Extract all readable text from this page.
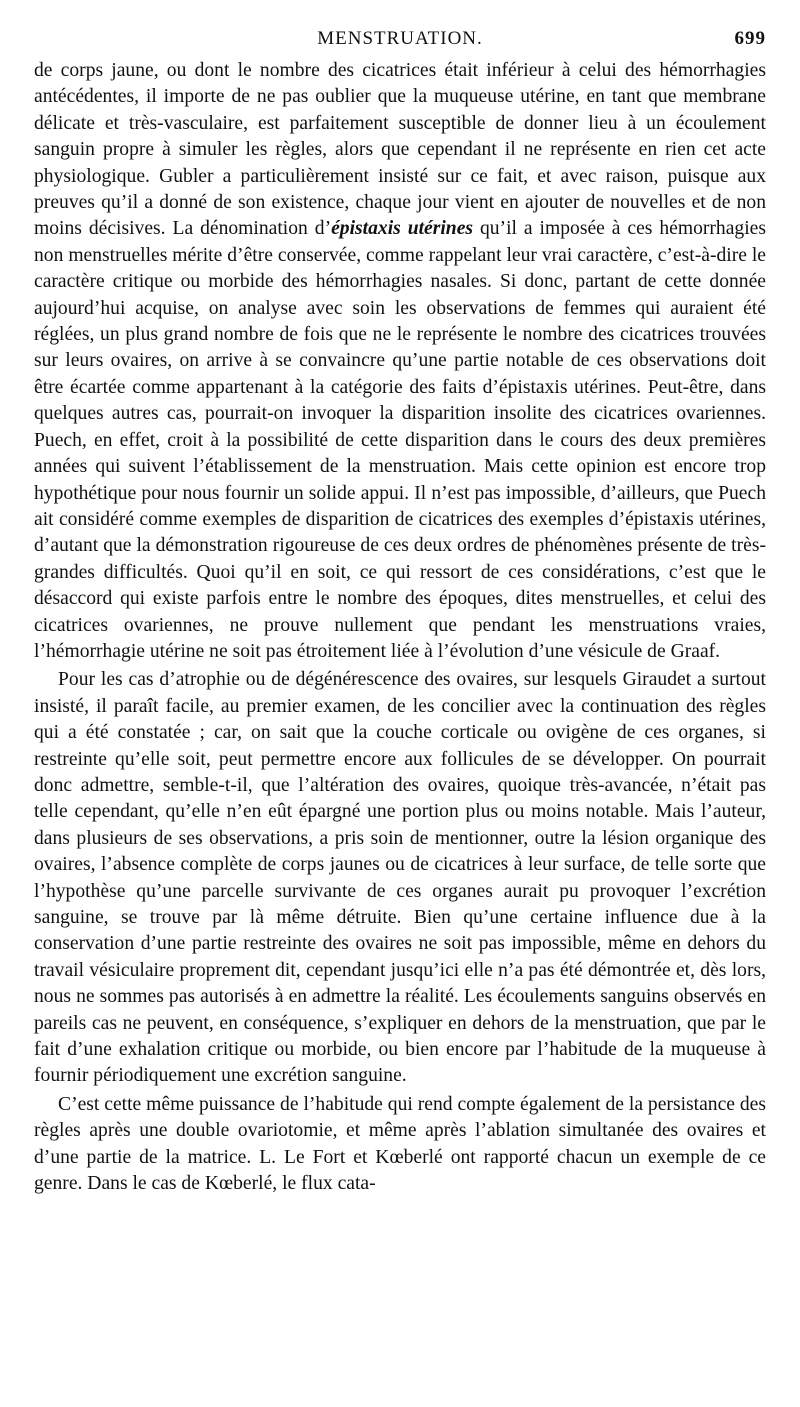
MENSTRUATION.	699

de corps jaune, ou dont le nombre des cicatrices était inférieur à celui des hémorrhagies antécédentes, il importe de ne pas oublier que la muqueuse utérine, en tant que membrane délicate et très-vasculaire, est parfaitement susceptible de donner lieu à un écoulement sanguin propre à simuler les règles, alors que cependant il ne représente en rien cet acte physiologique. Gubler a particulièrement insisté sur ce fait, et avec raison, puisque aux preuves qu’il a donné de son existence, chaque jour vient en ajouter de nouvelles et de non moins décisives. La dénomination d’épistaxis utérines qu’il a imposée à ces hémorrhagies non menstruelles mérite d’être conservée, comme rappelant leur vrai caractère, c’est-à-dire le caractère critique ou morbide des hémorrhagies nasales. Si donc, partant de cette donnée aujourd’hui acquise, on analyse avec soin les observations de femmes qui auraient été réglées, un plus grand nombre de fois que ne le représente le nombre des cicatrices trouvées sur leurs ovaires, on arrive à se convaincre qu’une partie notable de ces observations doit être écartée comme appartenant à la catégorie des faits d’épistaxis utérines. Peut-être, dans quelques autres cas, pourrait-on invoquer la disparition insolite des cicatrices ovariennes. Puech, en effet, croit à la possibilité de cette disparition dans le cours des deux premières années qui suivent l’établissement de la menstruation. Mais cette opinion est encore trop hypothétique pour nous fournir un solide appui. Il n’est pas impossible, d’ailleurs, que Puech ait considéré comme exemples de disparition de cicatrices des exemples d’épistaxis utérines, d’autant que la démonstration rigoureuse de ces deux ordres de phénomènes présente de très-grandes difficultés. Quoi qu’il en soit, ce qui ressort de ces considérations, c’est que le désaccord qui existe parfois entre le nombre des époques, dites menstruelles, et celui des cicatrices ovariennes, ne prouve nullement que pendant les menstruations vraies, l’hémorrhagie utérine ne soit pas étroitement liée à l’évolution d’une vésicule de Graaf.

Pour les cas d’atrophie ou de dégénérescence des ovaires, sur lesquels Giraudet a surtout insisté, il paraît facile, au premier examen, de les concilier avec la continuation des règles qui a été constatée ; car, on sait que la couche corticale ou ovigène de ces organes, si restreinte qu’elle soit, peut permettre encore aux follicules de se développer. On pourrait donc admettre, semble-t-il, que l’altération des ovaires, quoique très-avancée, n’était pas telle cependant, qu’elle n’en eût épargné une portion plus ou moins notable. Mais l’auteur, dans plusieurs de ses observations, a pris soin de mentionner, outre la lésion organique des ovaires, l’absence complète de corps jaunes ou de cicatrices à leur surface, de telle sorte que l’hypothèse qu’une parcelle survivante de ces organes aurait pu provoquer l’excrétion sanguine, se trouve par là même détruite. Bien qu’une certaine influence due à la conservation d’une partie restreinte des ovaires ne soit pas impossible, même en dehors du travail vésiculaire proprement dit, cependant jusqu’ici elle n’a pas été démontrée et, dès lors, nous ne sommes pas autorisés à en admettre la réalité. Les écoulements sanguins observés en pareils cas ne peuvent, en conséquence, s’expliquer en dehors de la menstruation, que par le fait d’une exhalation critique ou morbide, ou bien encore par l’habitude de la muqueuse à fournir périodiquement une excrétion sanguine.

C’est cette même puissance de l’habitude qui rend compte également de la persistance des règles après une double ovariotomie, et même après l’ablation simultanée des ovaires et d’une partie de la matrice. L. Le Fort et Kœberlé ont rapporté chacun un exemple de ce genre. Dans le cas de Kœberlé, le flux cata-
